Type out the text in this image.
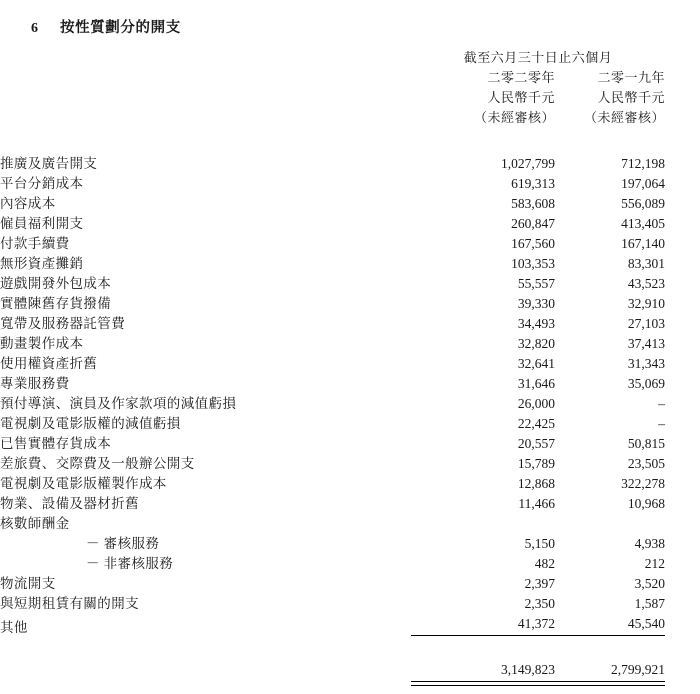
6 按性質劃分的開支
	截至六月三十日止六個月		
	二零二零年	二零一九年	
	人民幣千元	人民幣千元	
	（未經審核）	（未經審核）	

推廣及廣告開支	1,027,799	712,198	
平台分銷成本	619,313	197,064	
內容成本	583,608	556,089	
僱員福利開支	260,847	413,405	
付款手續費	167,560	167,140	
無形資產攤銷	103,353	83,301	
遊戲開發外包成本	55,557	43,523	
實體陳舊存貨撥備	39,330	32,910	
寬帶及服務器託管費	34,493	27,103	
動畫製作成本	32,820	37,413	
使用權資產折舊	32,641	31,343	
專業服務費	31,646	35,069	
預付導演、演員及作家款項的減值虧損	26,000	–	
電視劇及電影版權的減值虧損	22,425	–	
已售實體存貨成本	20,557	50,815	
差旅費、交際費及一般辦公開支	15,789	23,505	
電視劇及電影版權製作成本	12,868	322,278	
物業、設備及器材折舊	11,466	10,968	
核數師酬金			
－ 審核服務	5,150	4,938	
－ 非審核服務	482	212	
物流開支	2,397	3,520	
與短期租賃有關的開支	2,350	1,587	
其他	41,372	45,540	

	3,149,823	2,799,921	
